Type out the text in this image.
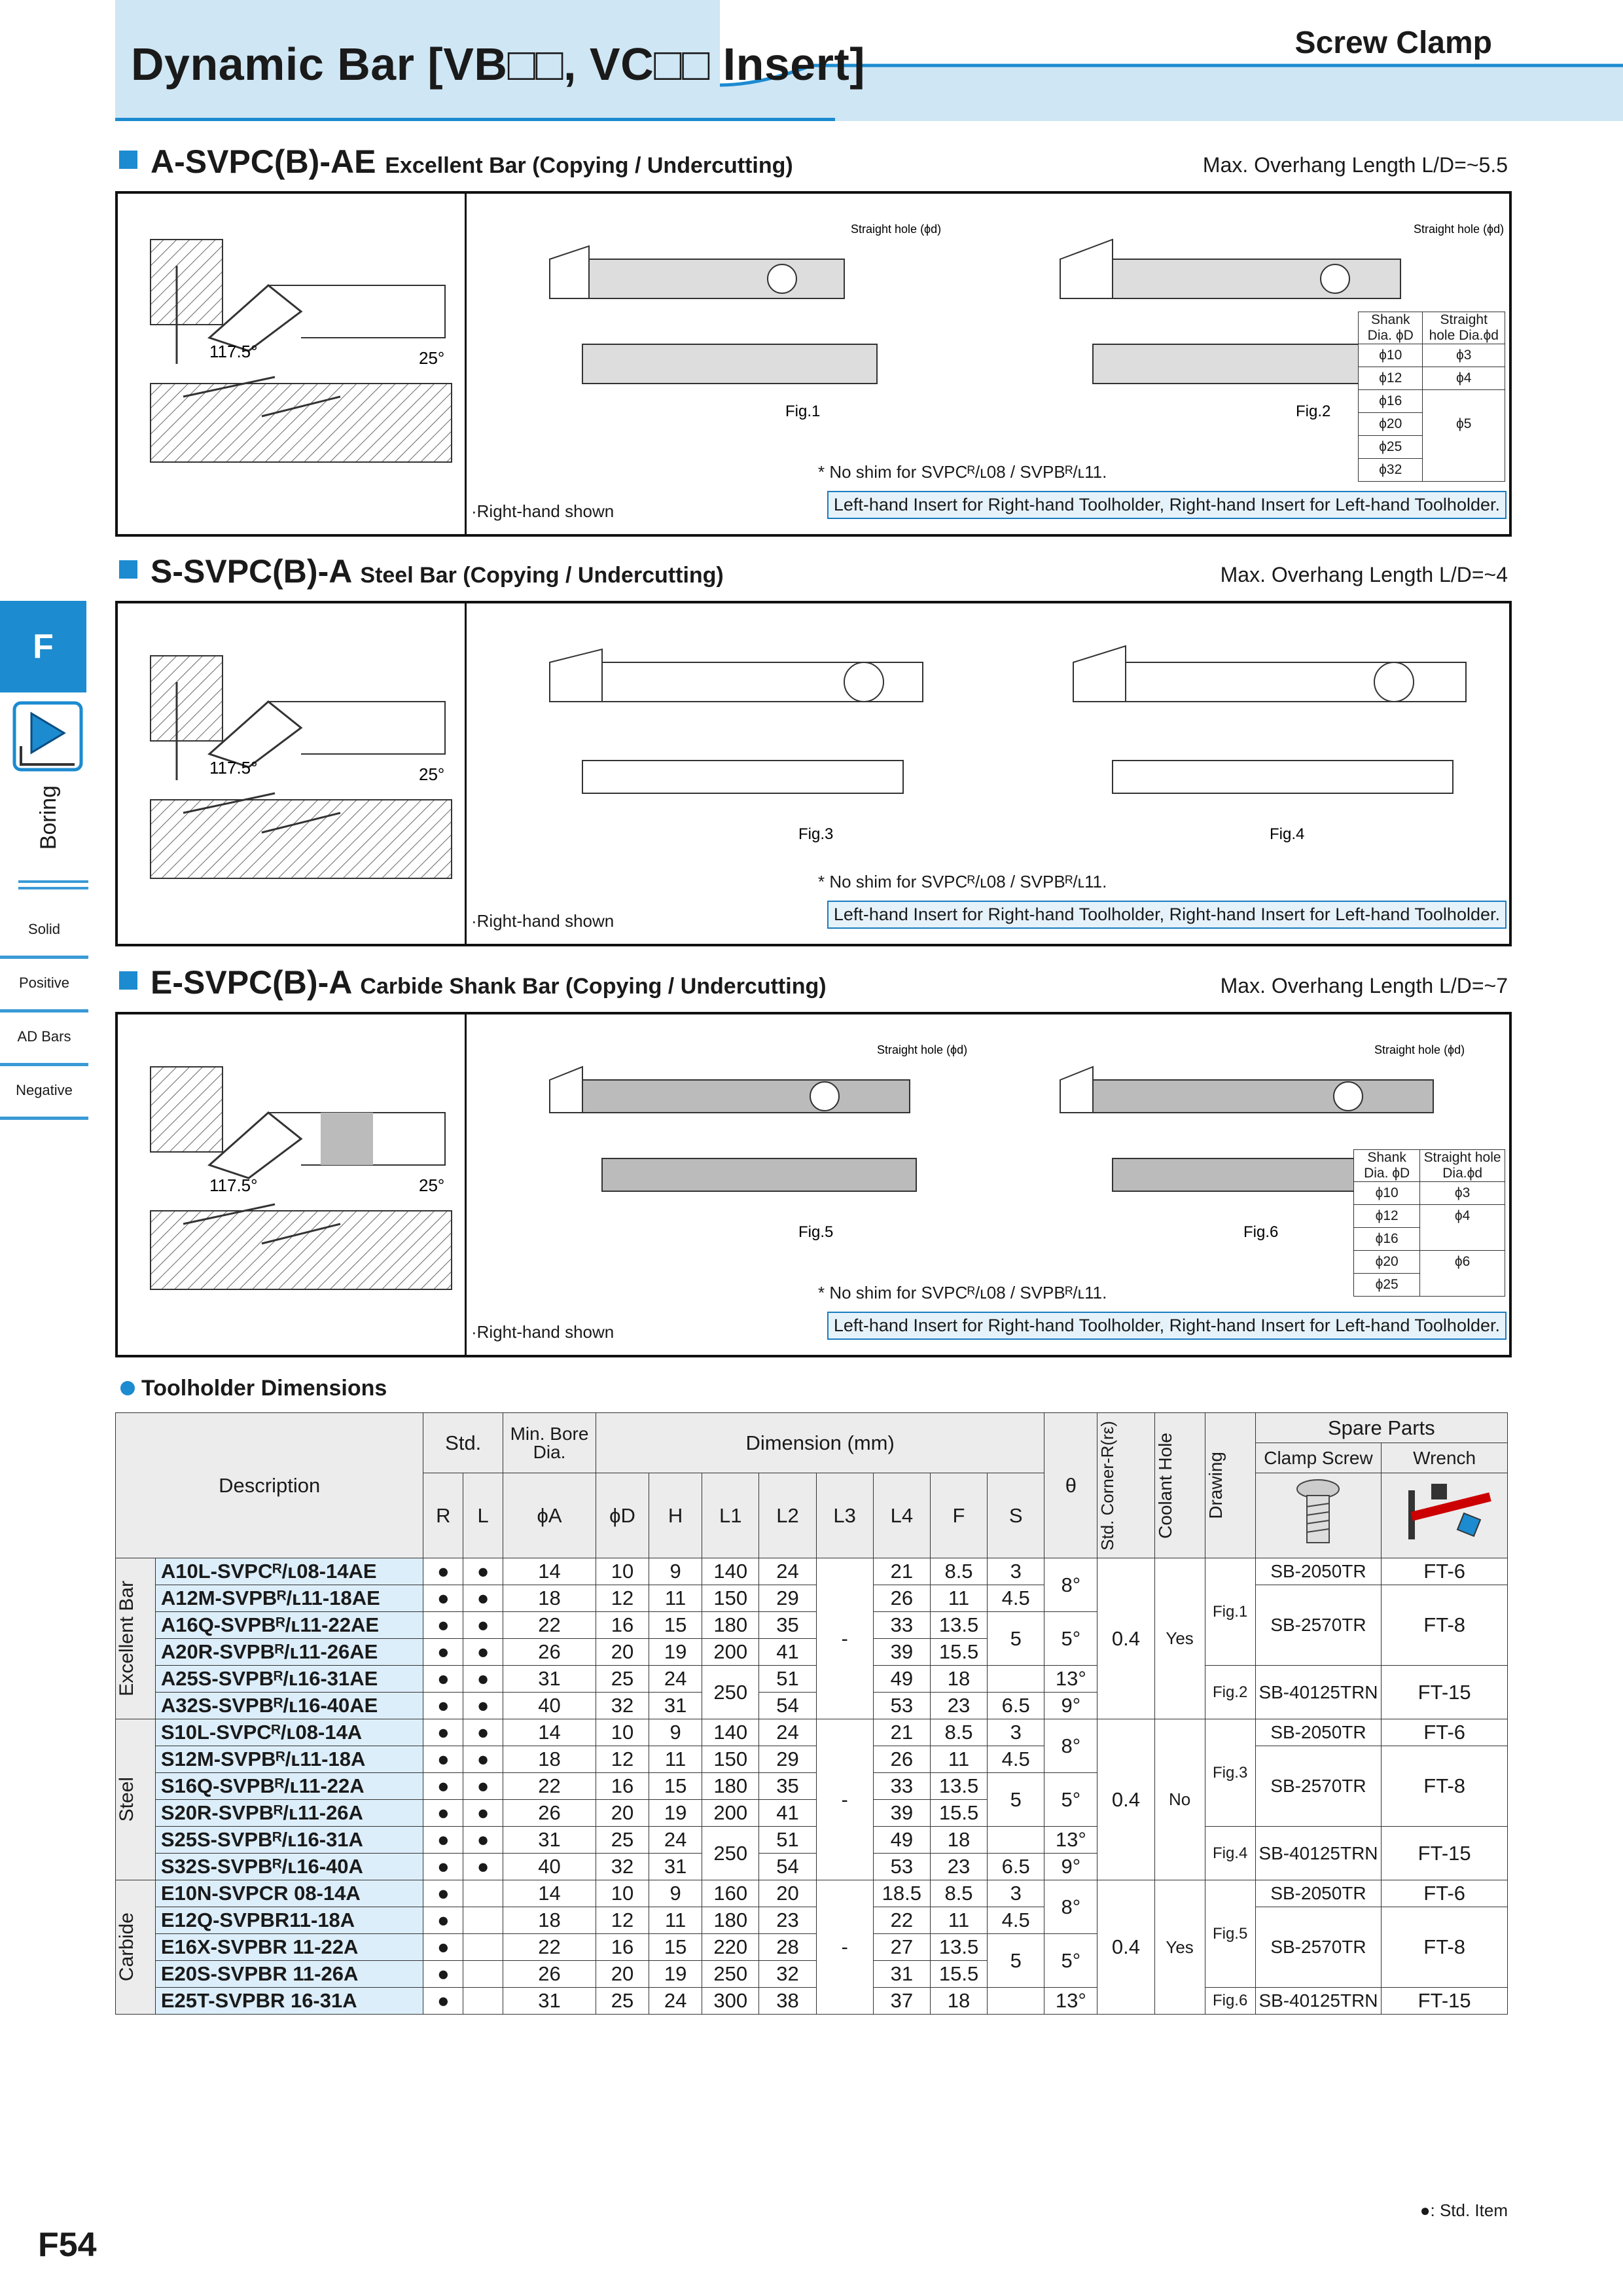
Dynamic Bar [VB□□, VC□□ Insert]	Screw Clamp
F
Boring
Solid
Positive
AD Bars
Negative
A-SVPC(B)-AE Excellent Bar (Copying / Undercutting)	Max. Overhang Length L/D=~5.5
117.5°	25°
Straight hole (ϕd)	Straight hole (ϕd)
Fig.1	Fig.2
Shank Dia. ϕD	Straight hole Dia.ϕd
ϕ10	ϕ3
ϕ12	ϕ4
ϕ16	
ϕ20	ϕ5
ϕ25	
ϕ32	
* No shim for SVPCᴿ/ʟ08 / SVPBᴿ/ʟ11.
·Right-hand shown	Left-hand Insert for Right-hand Toolholder, Right-hand Insert for Left-hand Toolholder.
S-SVPC(B)-A Steel Bar (Copying / Undercutting)	Max. Overhang Length L/D=~4
117.5°	25°
Fig.3	Fig.4
* No shim for SVPCᴿ/ʟ08 / SVPBᴿ/ʟ11.
·Right-hand shown	Left-hand Insert for Right-hand Toolholder, Right-hand Insert for Left-hand Toolholder.
E-SVPC(B)-A Carbide Shank Bar (Copying / Undercutting)	Max. Overhang Length L/D=~7
117.5°	25°
Straight hole (ϕd)	Straight hole (ϕd)
Fig.5	Fig.6
Shank Dia. ϕD	Straight hole Dia.ϕd
ϕ10	ϕ3
ϕ12	ϕ4
ϕ16	
ϕ20	ϕ6
ϕ25	
* No shim for SVPCᴿ/ʟ08 / SVPBᴿ/ʟ11.
·Right-hand shown	Left-hand Insert for Right-hand Toolholder, Right-hand Insert for Left-hand Toolholder.
Toolholder Dimensions
Description		Std.		Min. Bore Dia.	Dimension (mm)								θ	Std. Corner-R(rε)	Coolant Hole	Drawing	Spare Parts	
																	Clamp Screw	Wrench
		R	L	ϕA	ϕD	H	L1	L2	L3	L4	F	S		

Excellent Bar	A10L-SVPCᴿ/ʟ08-14AE	●	●	14	10	9	140	24	-	21	8.5	3	8°	0.4	Yes	Fig.1	SB-2050TR	FT-6
	A12M-SVPBᴿ/ʟ11-18AE	●	●	18	12	11	150	29		26	11	4.5					SB-2570TR	FT-8
	A16Q-SVPBᴿ/ʟ11-22AE	●	●	22	16	15	180	35		33	13.5	5	5°					
	A20R-SVPBᴿ/ʟ11-26AE	●	●	26	20	19	200	41		39	15.5							
	A25S-SVPBᴿ/ʟ16-31AE	●	●	31	25	24	250	51		49	18		13°			Fig.2	SB-40125TRN	FT-15
	A32S-SVPBᴿ/ʟ16-40AE	●	●	40	32	31		54		53	23	6.5	9°					

Steel	S10L-SVPCᴿ/ʟ08-14A	●	●	14	10	9	140	24	-	21	8.5	3	8°	0.4	No	Fig.3	SB-2050TR	FT-6
	S12M-SVPBᴿ/ʟ11-18A	●	●	18	12	11	150	29		26	11	4.5					SB-2570TR	FT-8
	S16Q-SVPBᴿ/ʟ11-22A	●	●	22	16	15	180	35		33	13.5	5	5°					
	S20R-SVPBᴿ/ʟ11-26A	●	●	26	20	19	200	41		39	15.5							
	S25S-SVPBᴿ/ʟ16-31A	●	●	31	25	24	250	51		49	18		13°			Fig.4	SB-40125TRN	FT-15
	S32S-SVPBᴿ/ʟ16-40A	●	●	40	32	31		54		53	23	6.5	9°					

Carbide	E10N-SVPCR 08-14A	●		14	10	9	160	20	-	18.5	8.5	3	8°	0.4	Yes	Fig.5	SB-2050TR	FT-6
	E12Q-SVPBR11-18A	●		18	12	11	180	23		22	11	4.5					SB-2570TR	FT-8
	E16X-SVPBR 11-22A	●		22	16	15	220	28		27	13.5	5	5°					
	E20S-SVPBR 11-26A	●		26	20	19	250	32		31	15.5							
	E25T-SVPBR 16-31A	●		31	25	24	300	38		37	18		13°			Fig.6	SB-40125TRN	FT-15
●: Std. Item
F54
